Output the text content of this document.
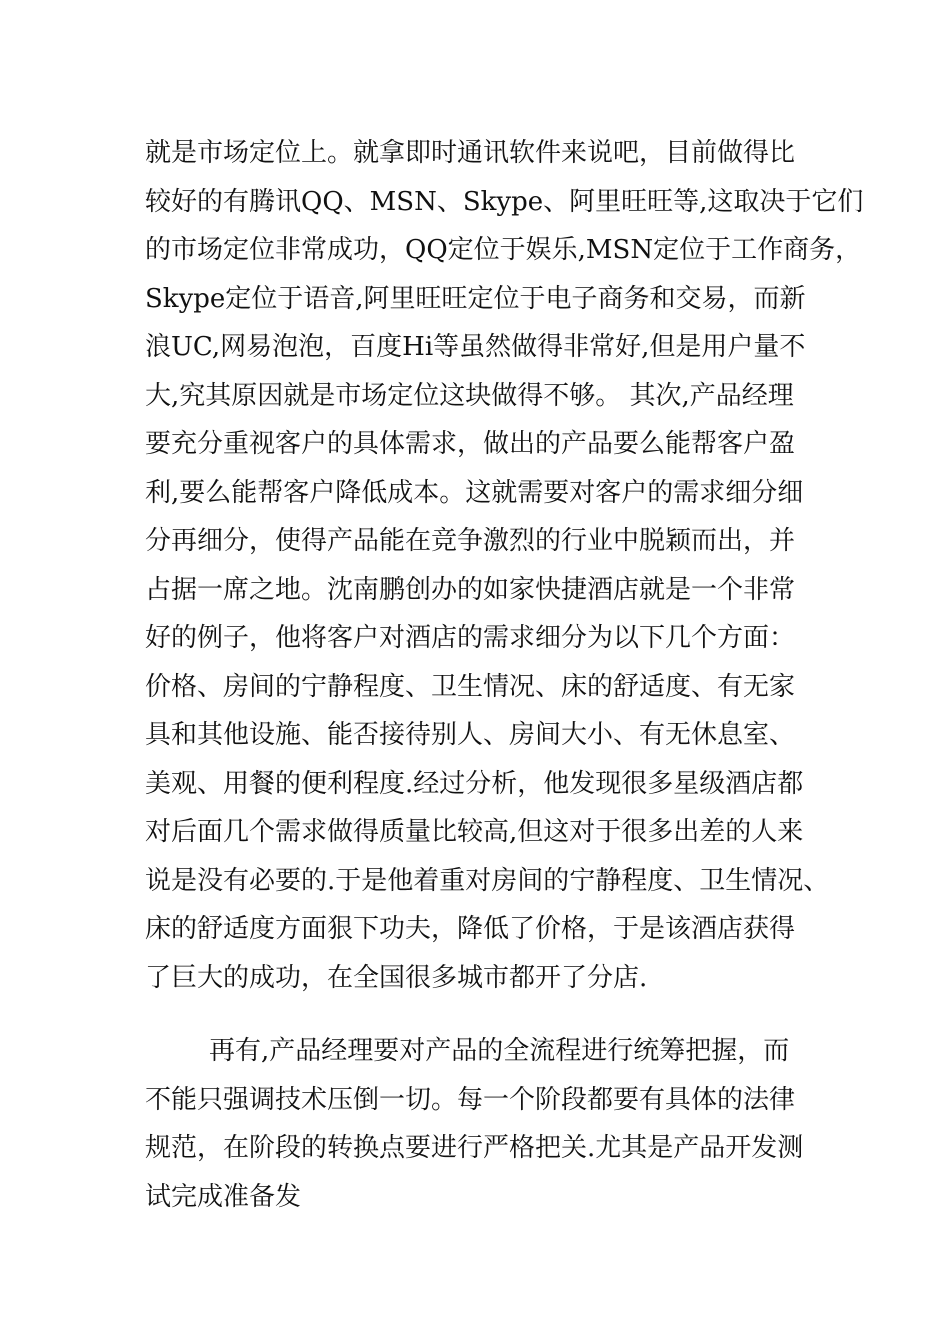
就是市场定位上。就拿即时通讯软件来说吧，目前做得比
较好的有腾讯QQ、MSN、Skype、阿里旺旺等,这取决于它们
的市场定位非常成功，QQ定位于娱乐,MSN定位于工作商务，
Skype定位于语音,阿里旺旺定位于电子商务和交易，而新
浪UC,网易泡泡，百度Hi等虽然做得非常好,但是用户量不
大,究其原因就是市场定位这块做得不够。 其次,产品经理
要充分重视客户的具体需求，做出的产品要么能帮客户盈
利,要么能帮客户降低成本。这就需要对客户的需求细分细
分再细分，使得产品能在竞争激烈的行业中脱颖而出，并
占据一席之地。沈南鹏创办的如家快捷酒店就是一个非常
好的例子，他将客户对酒店的需求细分为以下几个方面：
价格、房间的宁静程度、卫生情况、床的舒适度、有无家
具和其他设施、能否接待别人、房间大小、有无休息室、
美观、用餐的便利程度.经过分析，他发现很多星级酒店都
对后面几个需求做得质量比较高,但这对于很多出差的人来
说是没有必要的.于是他着重对房间的宁静程度、卫生情况、
床的舒适度方面狠下功夫，降低了价格，于是该酒店获得
了巨大的成功，在全国很多城市都开了分店.
再有,产品经理要对产品的全流程进行统筹把握，而
不能只强调技术压倒一切。每一个阶段都要有具体的法律
规范，在阶段的转换点要进行严格把关.尤其是产品开发测
试完成准备发
